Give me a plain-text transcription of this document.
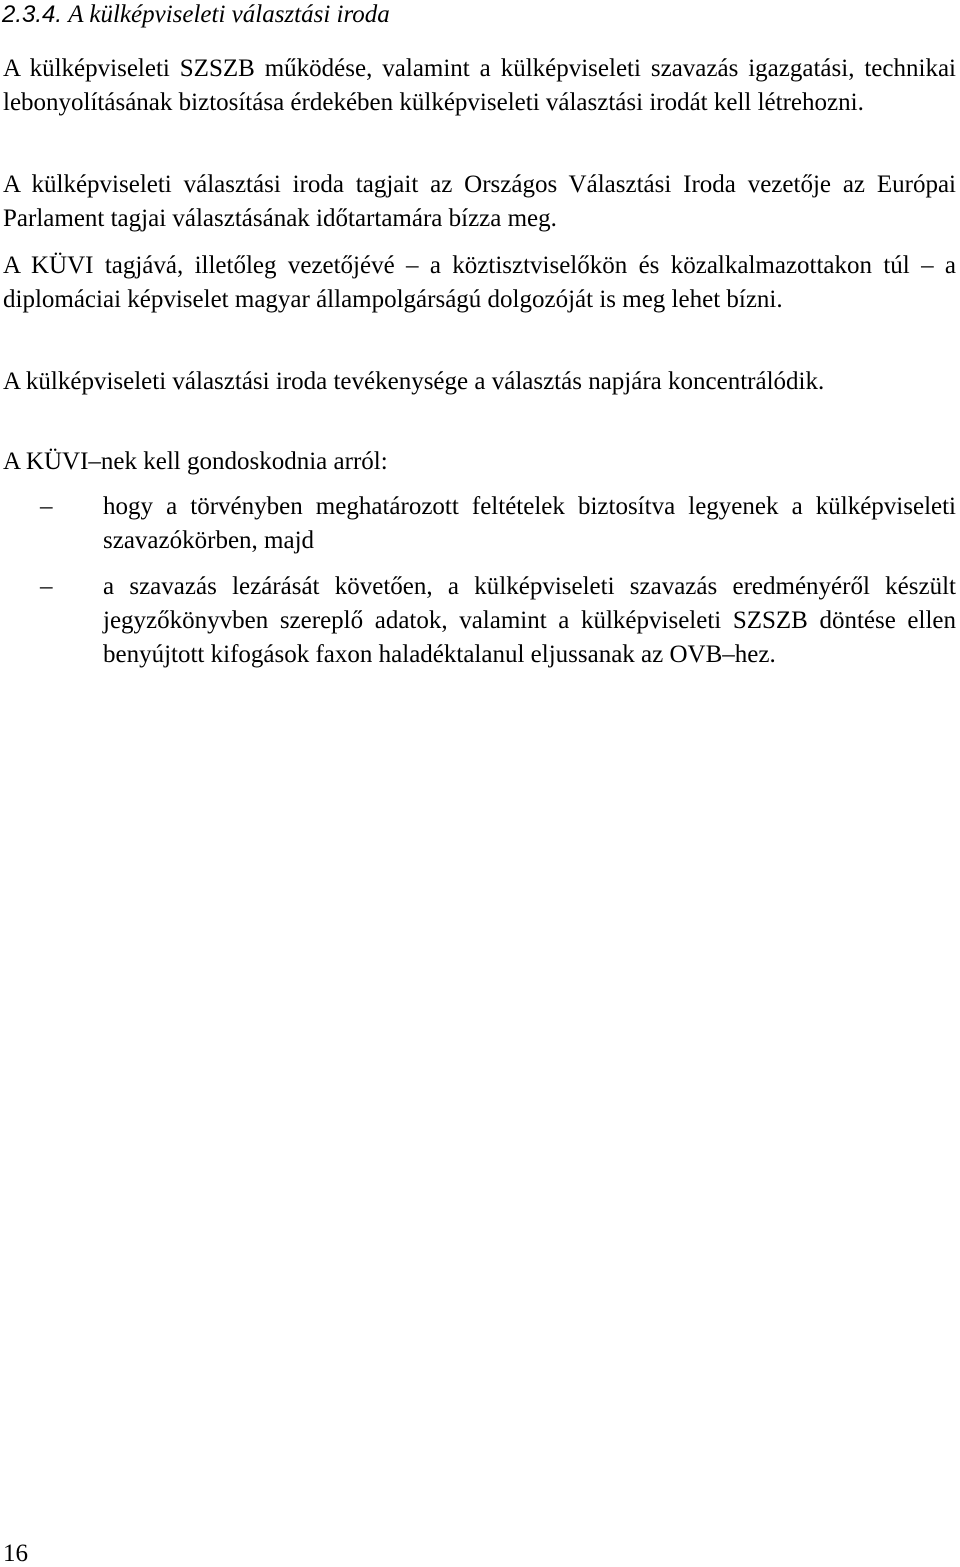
2.3.4. A külképviseleti választási iroda

A külképviseleti SZSZB működése, valamint a külképviseleti szavazás igazgatási, technikai lebonyolításának biztosítása érdekében külképviseleti választási irodát kell létrehozni.

A külképviseleti választási iroda tagjait az Országos Választási Iroda vezetője az Európai Parlament tagjai választásának időtartamára bízza meg.

A KÜVI tagjává, illetőleg vezetőjévé – a köztisztviselőkön és közalkalmazottakon túl – a diplomáciai képviselet magyar állampolgárságú dolgozóját is meg lehet bízni.

A külképviseleti választási iroda tevékenysége a választás napjára koncentrálódik.

A KÜVI–nek kell gondoskodnia arról:

–	hogy a törvényben meghatározott feltételek biztosítva legyenek a külképviseleti szavazókörben, majd
–	a szavazás lezárását követően, a külképviseleti szavazás eredményéről készült jegyzőkönyvben szereplő adatok, valamint a külképviseleti SZSZB döntése ellen benyújtott kifogások faxon haladéktalanul eljussanak az OVB–hez.

16
